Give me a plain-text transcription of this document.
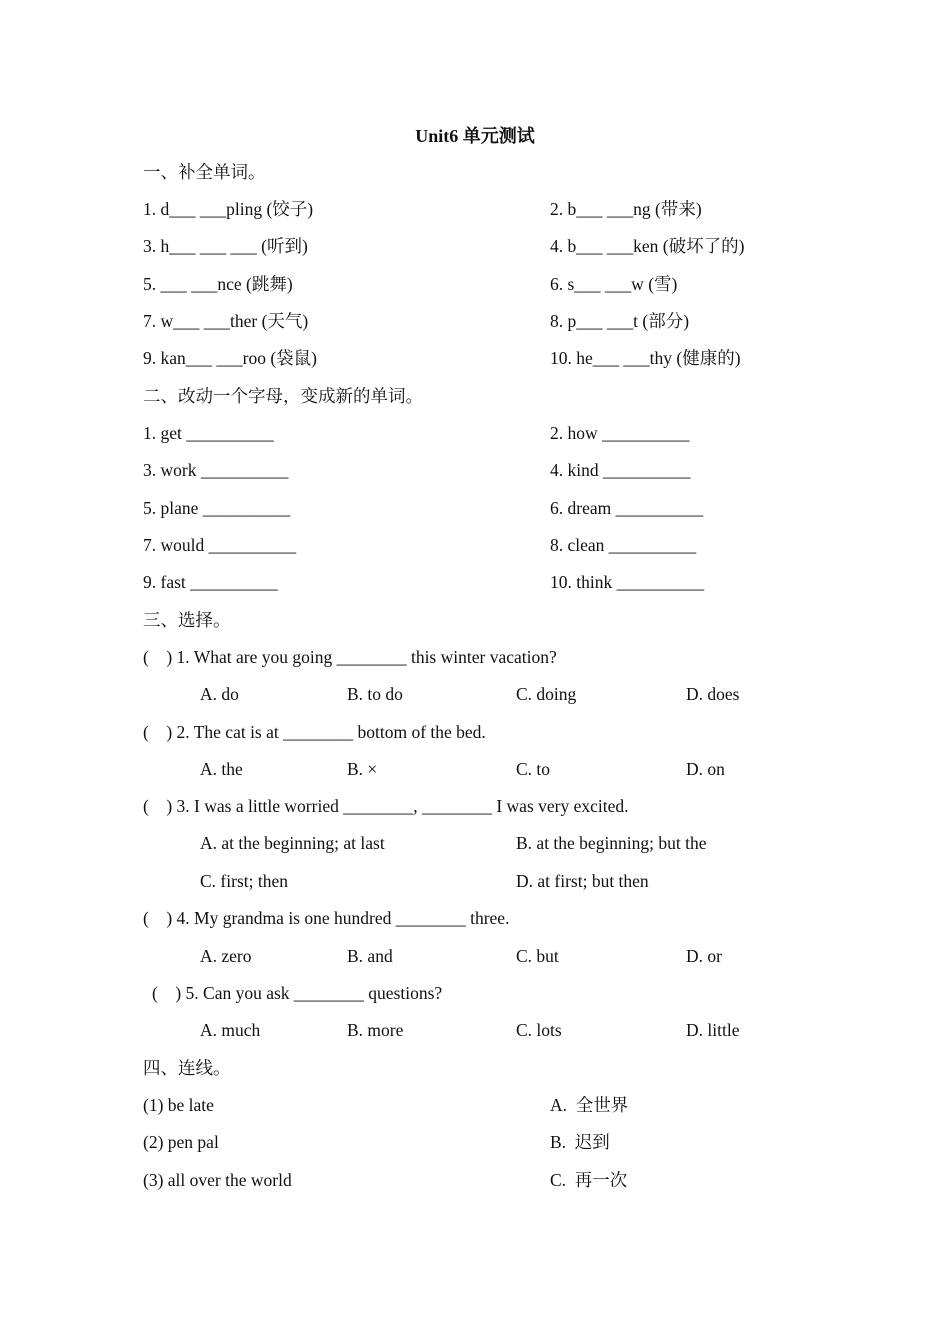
Unit6 单元测试
一、补全单词。
1. d___ ___pling (饺子)	2. b___ ___ng (带来)
3. h___ ___ ___ (听到)	4. b___ ___ken (破坏了的)
5. ___ ___nce (跳舞)	6. s___ ___w (雪)
7. w___ ___ther (天气)	8. p___ ___t (部分)
9. kan___ ___roo (袋鼠)	10. he___ ___thy (健康的)
二、改动一个字母，变成新的单词。
1. get __________	2. how __________
3. work __________	4. kind __________
5. plane __________	6. dream __________
7. would __________	8. clean __________
9. fast __________	10. think __________
三、选择。
(    ) 1. What are you going ________ this winter vacation?
A. do	B. to do	C. doing	D. does
(    ) 2. The cat is at ________ bottom of the bed.
A. the	B. ×	C. to	D. on
(    ) 3. I was a little worried ________, ________ I was very excited.
A. at the beginning; at last	B. at the beginning; but the
C. first; then	D. at first; but then
(    ) 4. My grandma is one hundred ________ three.
A. zero	B. and	C. but	D. or
(    ) 5. Can you ask ________ questions?
A. much	B. more	C. lots	D. little
四、连线。
(1) be late	A.  全世界
(2) pen pal	B.  迟到
(3) all over the world	C.  再一次
